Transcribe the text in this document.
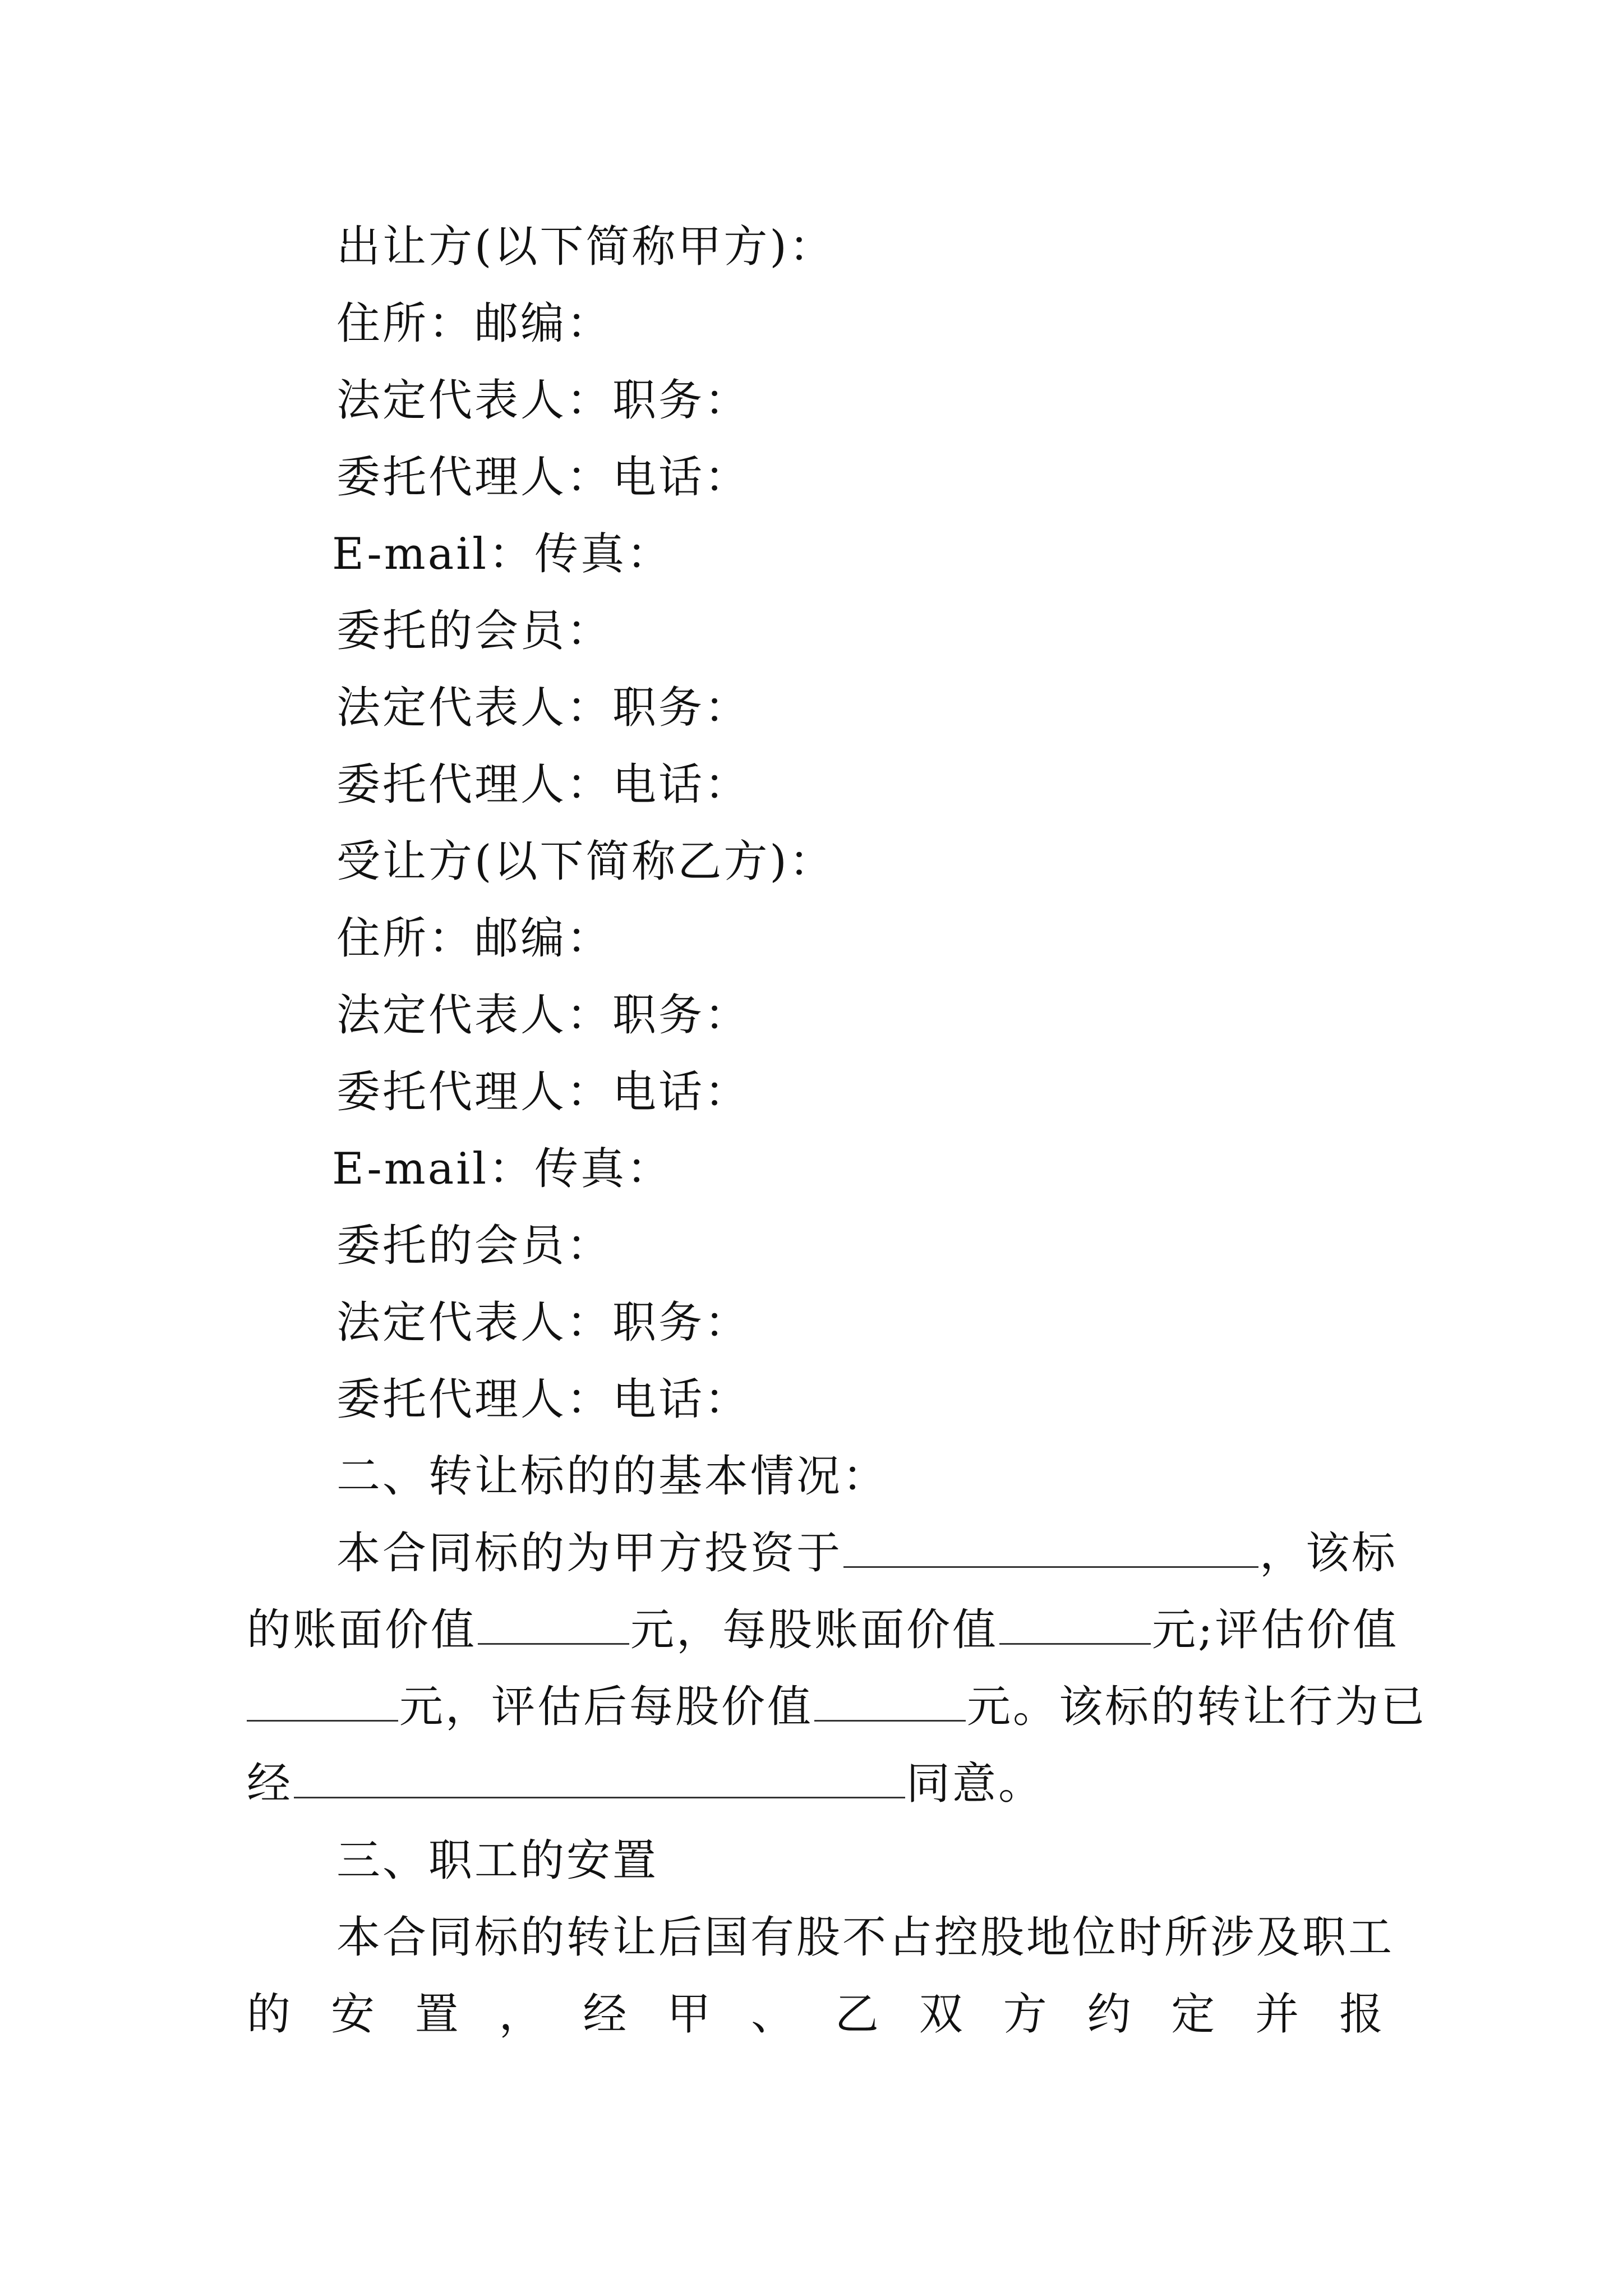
出让方(以下简称甲方)：
住所：邮编：
法定代表人：职务：
委托代理人：电话：
E-mail：传真：
委托的会员：
法定代表人：职务：
委托代理人：电话：
受让方(以下简称乙方)：
住所：邮编：
法定代表人：职务：
委托代理人：电话：
E-mail：传真：
委托的会员：
法定代表人：职务：
委托代理人：电话：
二、转让标的的基本情况：
本合同标的为甲方投资于	，该标
的账面价值	元，每股账面价值	元;评估价值
元，评估后每股价值	元。该标的转让行为已
经	同意。
三、职工的安置
本合同标的转让后国有股不占控股地位时所涉及职工
的 安 置 ， 经 甲 、 乙 双 方 约 定 并 报
